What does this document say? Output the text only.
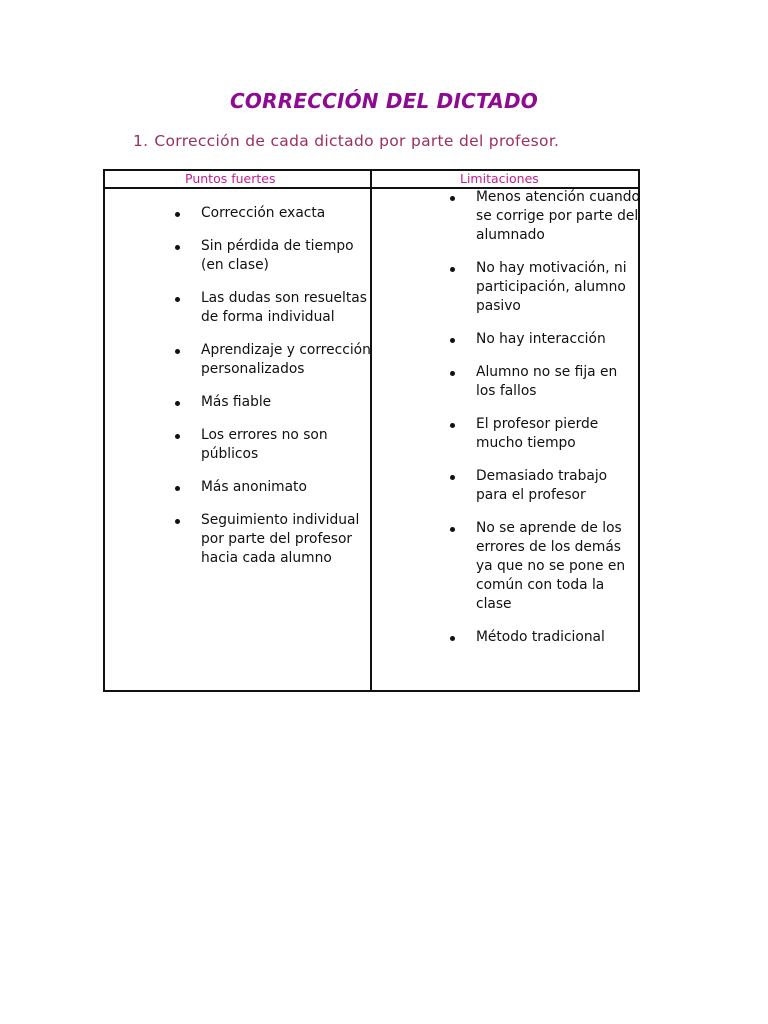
CORRECCIÓN DEL DICTADO
1. Corrección de cada dictado por parte del profesor.
Puntos fuertes	Limitaciones
Corrección exacta
Sin pérdida de tiempo (en clase)
Las dudas son resueltas de forma individual
Aprendizaje y corrección personalizados
Más fiable
Los errores no son públicos
Más anonimato
Seguimiento individual por parte del profesor hacia cada alumno
Menos atención cuando se corrige por parte del alumnado
No hay motivación, ni participación, alumno pasivo
No hay interacción
Alumno no se fija en los fallos
El profesor pierde mucho tiempo
Demasiado trabajo para el profesor
No se aprende de los errores de los demás ya que no se pone en común con toda la clase
Método tradicional
